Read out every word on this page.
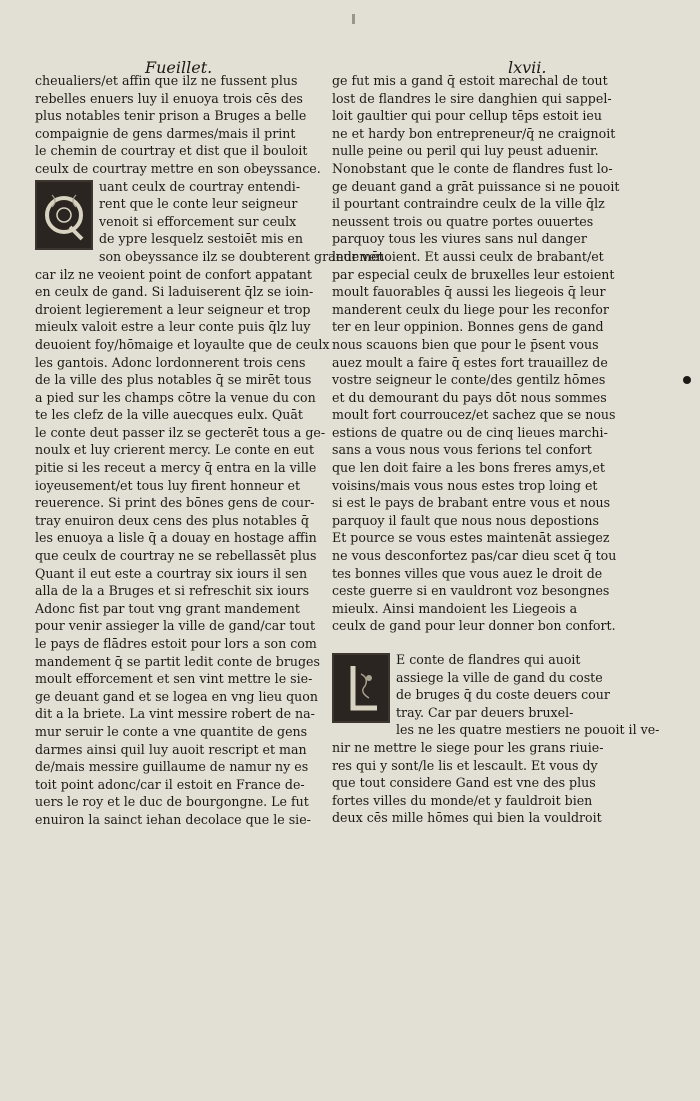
Fueillet.	lxvii.
cheualiers/et affin que ilz ne fussent plus
rebelles enuers luy il enuoya trois cēs des
plus notables tenir prison a Bruges a belle
compaignie de gens darmes/mais il print
le chemin de courtray et dist que il bouloit
ceulx de courtray mettre en son obeyssance.
uant ceulx de courtray entendi-
rent que le conte leur seigneur
venoit si efforcement sur ceulx
de ypre lesquelz sestoiēt mis en
son obeyssance ilz se doubterent grandemēt
car ilz ne veoient point de confort appatant
en ceulx de gand. Si laduiserent q̄lz se ioin-
droient legierement a leur seigneur et trop
mieulx valoit estre a leur conte puis q̄lz luy
deuoient foy/hōmaige et loyaulte que de ceulx
les gantois. Adonc lordonnerent trois cens
de la ville des plus notables q̄ se mirēt tous
a pied sur les champs cōtre la venue du con
te les clefz de la ville auecques eulx. Quāt
le conte deut passer ilz se gecterēt tous a ge-
noulx et luy crierent mercy. Le conte en eut
pitie si les receut a mercy q̄ entra en la ville
ioyeusement/et tous luy firent honneur et
reuerence. Si print des bōnes gens de cour-
tray enuiron deux cens des plus notables q̄
les enuoya a lisle q̄ a douay en hostage affin
que ceulx de courtray ne se rebellassēt plus
Quant il eut este a courtray six iours il sen
alla de la a Bruges et si refreschit six iours
Adonc fist par tout vng grant mandement
pour venir assieger la ville de gand/car tout
le pays de flādres estoit pour lors a son com
mandement q̄ se partit ledit conte de bruges
moult efforcement et sen vint mettre le sie-
ge deuant gand et se logea en vng lieu quon
dit a la briete. La vint messire robert de na-
mur seruir le conte a vne quantite de gens
darmes ainsi quil luy auoit rescript et man
de/mais messire guillaume de namur ny es
toit point adonc/car il estoit en France de-
uers le roy et le duc de bourgongne. Le fut
enuiron la sainct iehan decolace que le sie-
ge fut mis a gand q̄ estoit marechal de tout
lost de flandres le sire danghien qui sappel-
loit gaultier qui pour cellup tēps estoit ieu
ne et hardy bon entrepreneur/q̄ ne craignoit
nulle peine ou peril qui luy peust aduenir.
Nonobstant que le conte de flandres fust lo-
ge deuant gand a grāt puissance si ne pouoit
il pourtant contraindre ceulx de la ville q̄lz
neussent trois ou quatre portes ouuertes
parquoy tous les viures sans nul danger
leur venoient. Et aussi ceulx de brabant/et
par especial ceulx de bruxelles leur estoient
moult fauorables q̄ aussi les liegeois q̄ leur
manderent ceulx du liege pour les reconfor
ter en leur oppinion. Bonnes gens de gand
nous scauons bien que pour le p̄sent vous
auez moult a faire q̄ estes fort trauaillez de
vostre seigneur le conte/des gentilz hōmes
et du demourant du pays dōt nous sommes
moult fort courroucez/et sachez que se nous
estions de quatre ou de cinq lieues marchi-
sans a vous nous vous ferions tel confort
que len doit faire a les bons freres amys,et
voisins/mais vous nous estes trop loing et
si est le pays de brabant entre vous et nous
parquoy il fault que nous nous depostions
Et pource se vous estes maintenāt assiegez
ne vous desconfortez pas/car dieu scet q̄ tou
tes bonnes villes que vous auez le droit de
ceste guerre si en vauldront voz besongnes
mieulx. Ainsi mandoient les Liegeois a
ceulx de gand pour leur donner bon confort.
E conte de flandres qui auoit
assiege la ville de gand du coste
de bruges q̄ du coste deuers cour
tray. Car par deuers bruxel-
les ne les quatre mestiers ne pouoit il ve-
nir ne mettre le siege pour les grans riuie-
res qui y sont/le lis et lescault. Et vous dy
que tout considere Gand est vne des plus
fortes villes du monde/et y fauldroit bien
deux cēs mille hōmes qui bien la vouldroit
